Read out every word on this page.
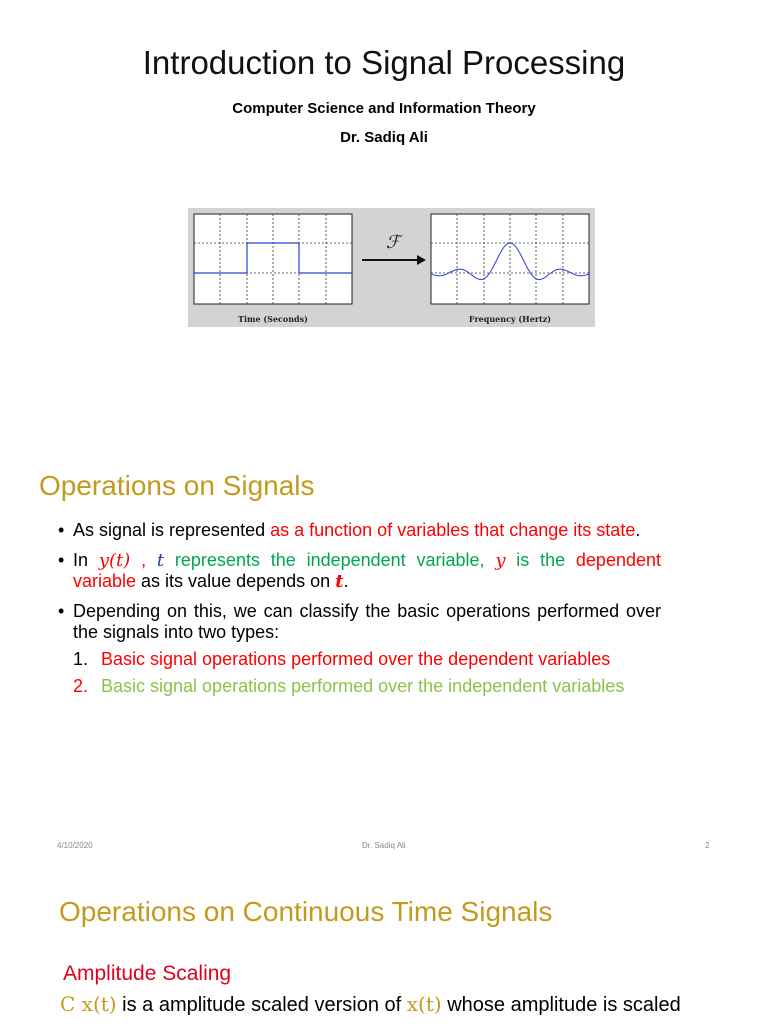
Introduction to Signal Processing
Computer Science and Information Theory
Dr. Sadiq Ali
Time (Seconds)
ℱ
Frequency (Hertz)
Operations on Signals
• As signal is represented as a function of variables that change its state.
• In y(t) , t represents the independent variable, y is the dependent variable as its value depends on t.
• Depending on this, we can classify the basic operations performed over the signals into two types:
1. Basic signal operations performed over the dependent variables
2. Basic signal operations performed over the independent variables
4/10/2020	Dr. Sadiq Ali	2
Operations on Continuous Time Signals
Amplitude Scaling
C x(t) is a amplitude scaled version of x(t) whose amplitude is scaled
